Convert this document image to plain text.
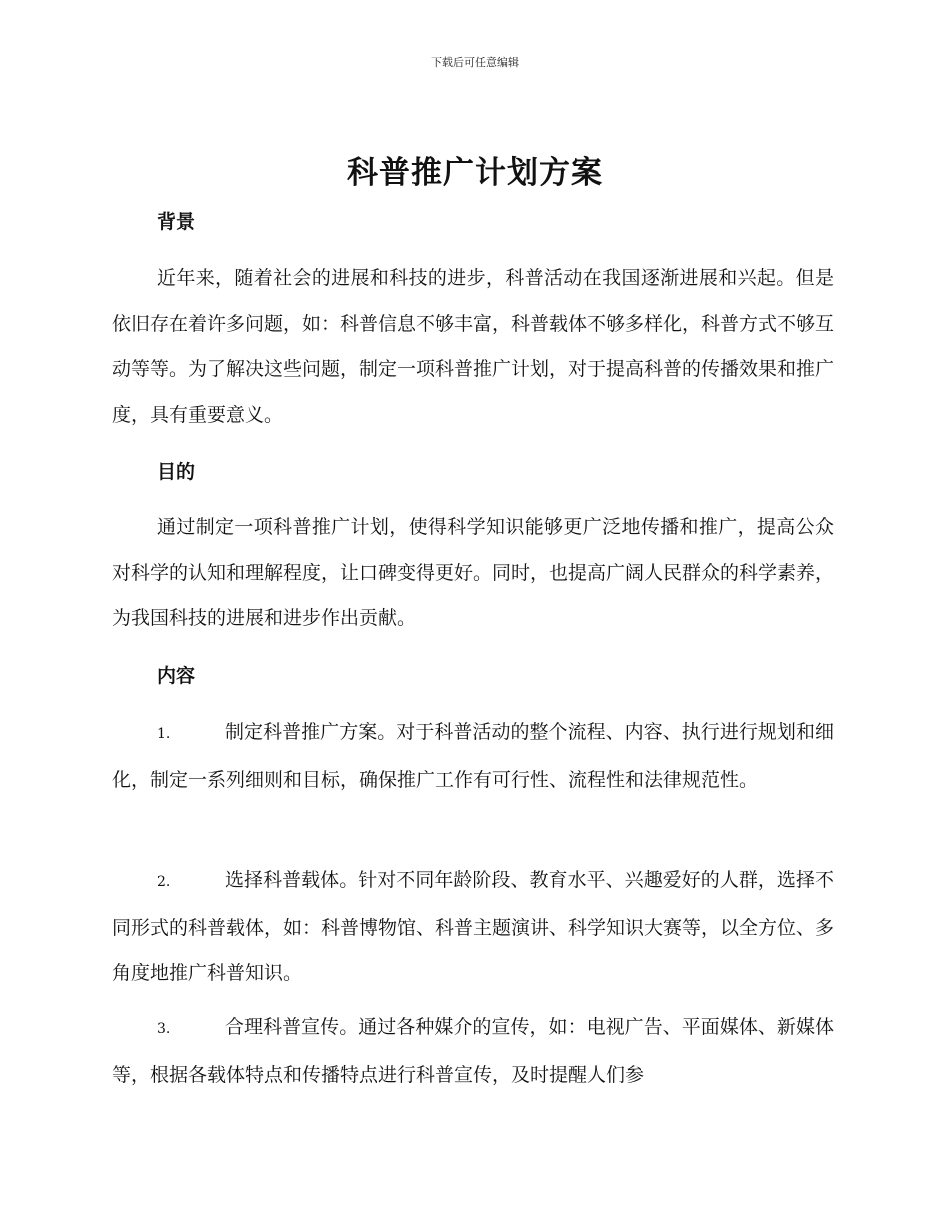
下载后可任意编辑
科普推广计划方案
背景
近年来，随着社会的进展和科技的进步，科普活动在我国逐渐进展和兴起。但是依旧存在着许多问题，如：科普信息不够丰富，科普载体不够多样化，科普方式不够互动等等。为了解决这些问题，制定一项科普推广计划，对于提高科普的传播效果和推广度，具有重要意义。
目的
通过制定一项科普推广计划，使得科学知识能够更广泛地传播和推广，提高公众对科学的认知和理解程度，让口碑变得更好。同时，也提高广阔人民群众的科学素养，为我国科技的进展和进步作出贡献。
内容
1.	制定科普推广方案。对于科普活动的整个流程、内容、执行进行规划和细化，制定一系列细则和目标，确保推广工作有可行性、流程性和法律规范性。
2.	选择科普载体。针对不同年龄阶段、教育水平、兴趣爱好的人群，选择不同形式的科普载体，如：科普博物馆、科普主题演讲、科学知识大赛等，以全方位、多角度地推广科普知识。
3.	合理科普宣传。通过各种媒介的宣传，如：电视广告、平面媒体、新媒体等，根据各载体特点和传播特点进行科普宣传，及时提醒人们参
